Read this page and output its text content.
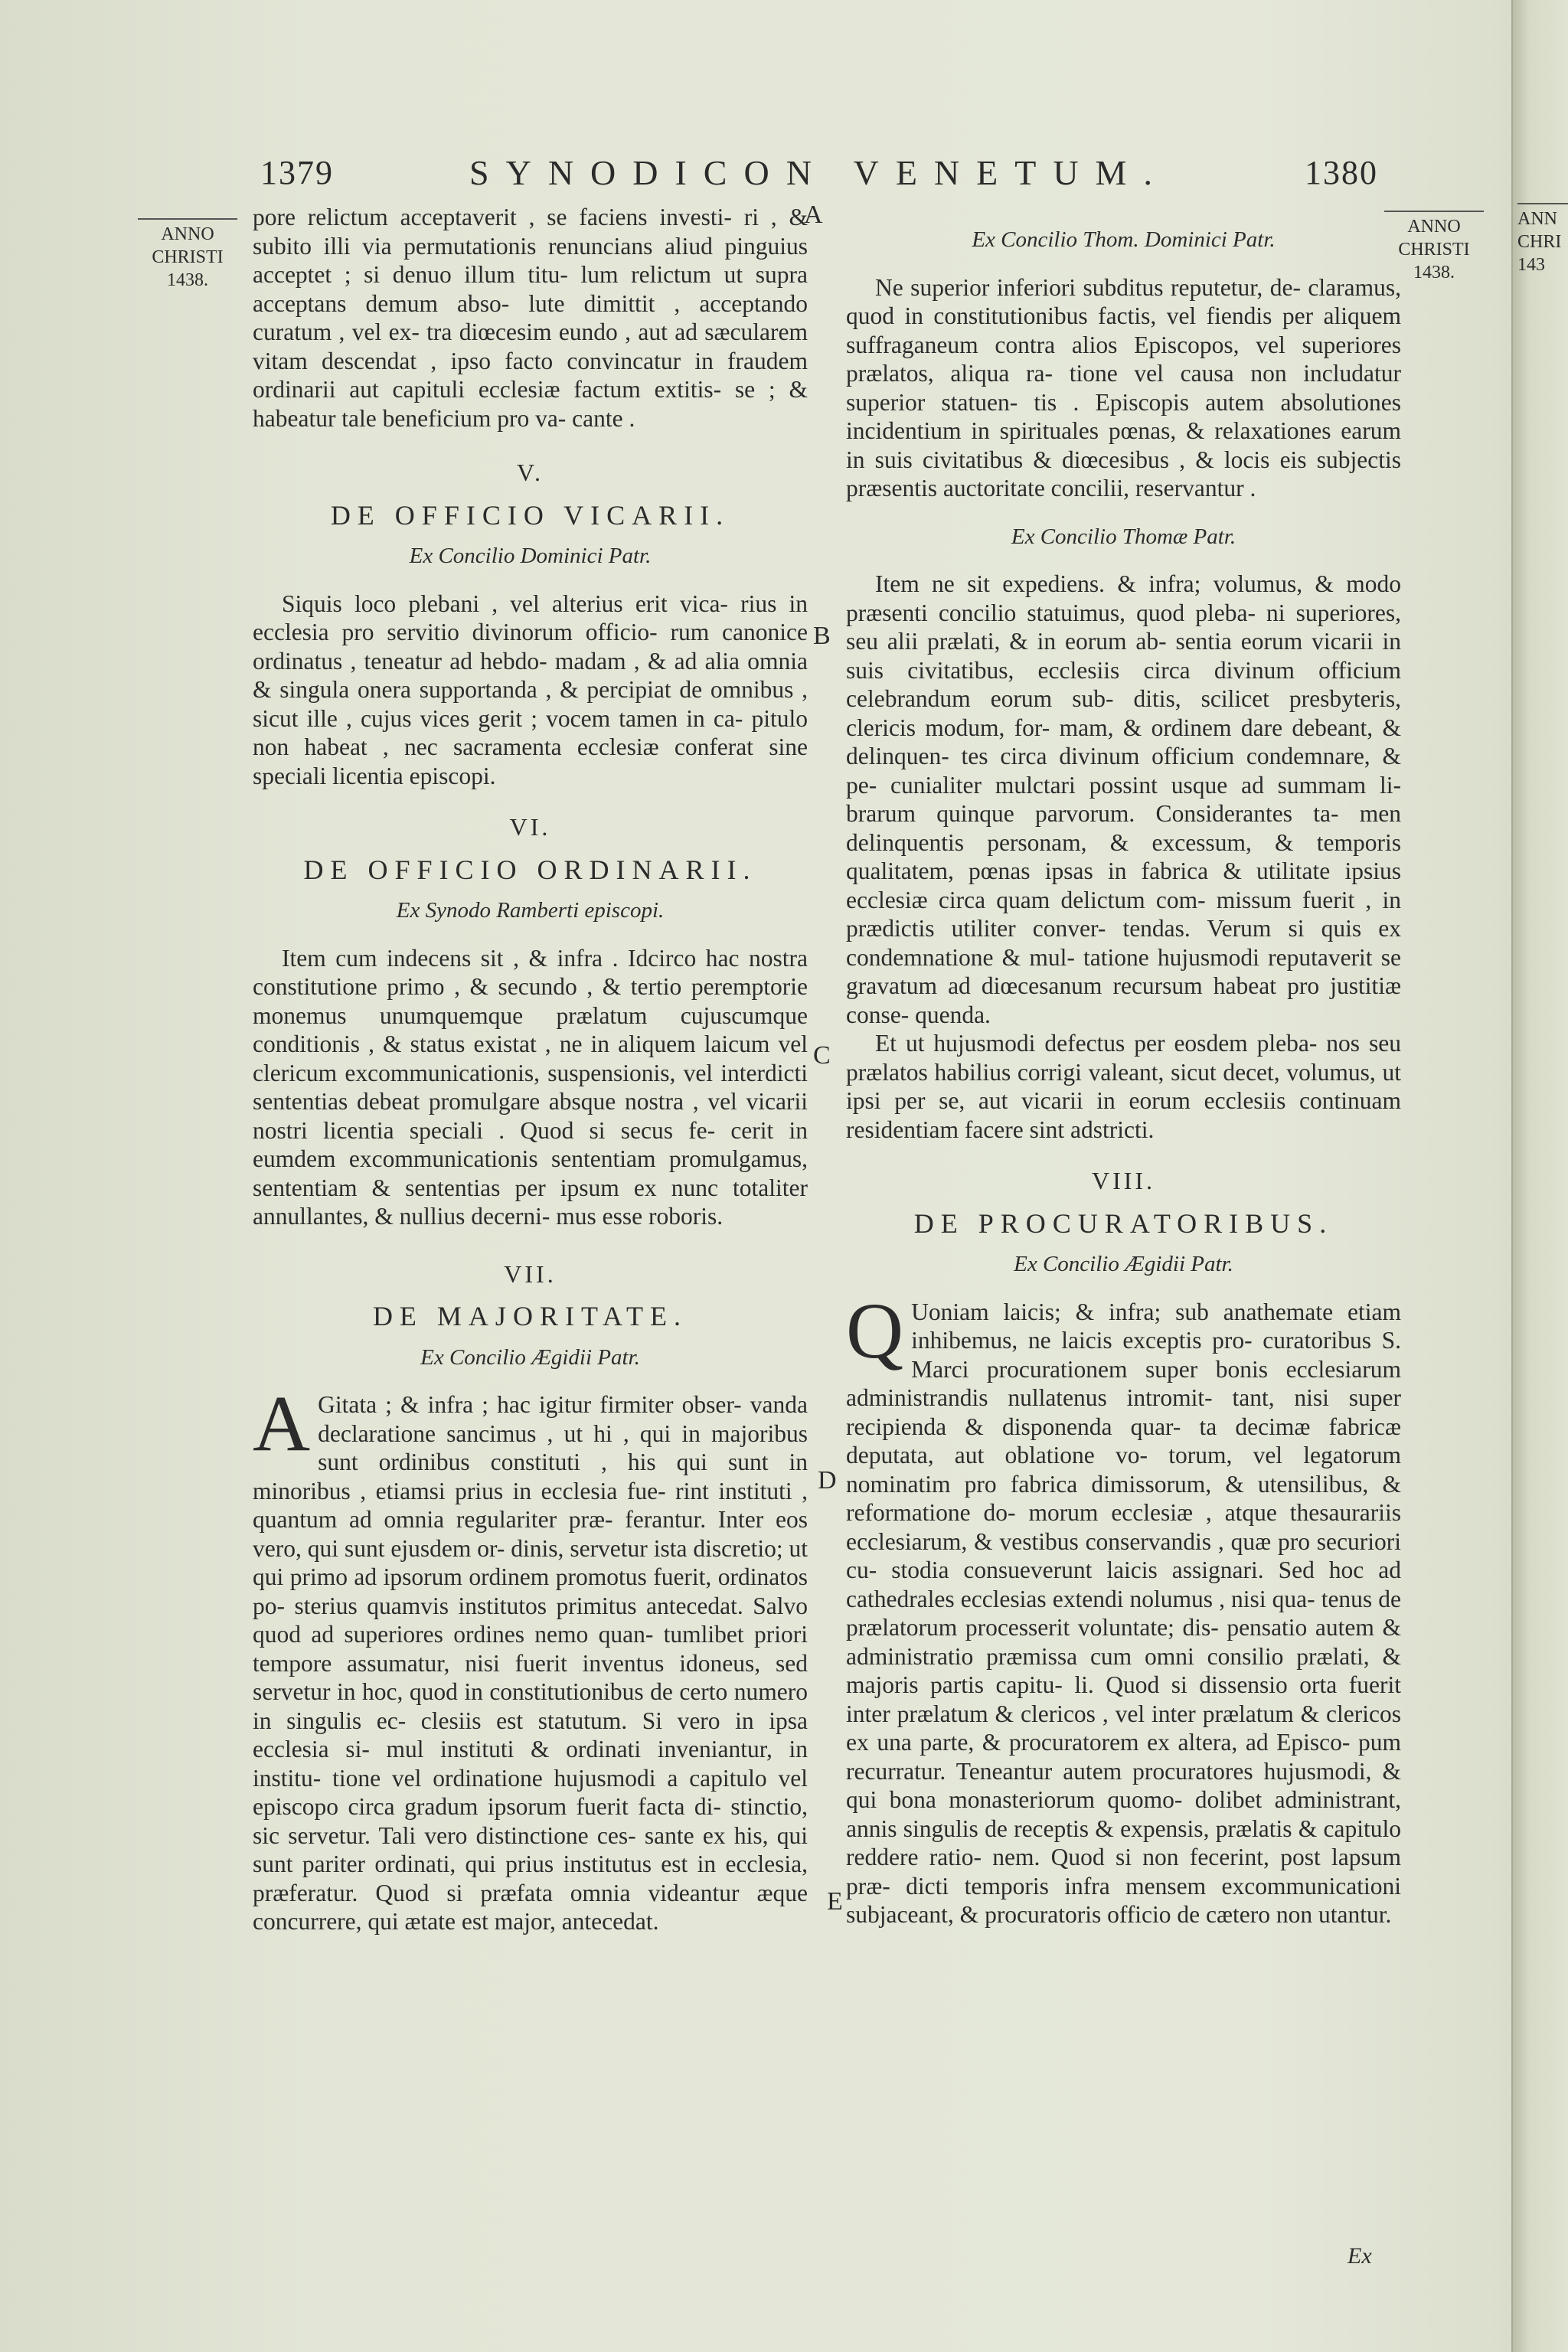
1379	SYNODICON VENETUM.	1380
ANNO
CHRISTI
1438.
ANNO
CHRISTI
1438.
ANN
CHRI
143
A
B
C
D
E

pore relictum acceptaverit , se faciens investi- ri , & subito illi via permutationis renuncians aliud pinguius acceptet ; si denuo illum titu- lum relictum ut supra acceptans demum abso- lute dimittit , acceptando curatum , vel ex- tra diœcesim eundo , aut ad sæcularem vitam descendat , ipso facto convincatur in fraudem ordinarii aut capituli ecclesiæ factum extitis- se ; & habeatur tale beneficium pro va- cante .

V.
DE OFFICIO VICARII.
Ex Concilio Dominici Patr.

Siquis loco plebani , vel alterius erit vica- rius in ecclesia pro servitio divinorum officio- rum canonice ordinatus , teneatur ad hebdo- madam , & ad alia omnia & singula onera supportanda , & percipiat de omnibus , sicut ille , cujus vices gerit ; vocem tamen in ca- pitulo non habeat , nec sacramenta ecclesiæ conferat sine speciali licentia episcopi.

VI.
DE OFFICIO ORDINARII.
Ex Synodo Ramberti episcopi.

Item cum indecens sit , & infra . Idcirco hac nostra constitutione primo , & secundo , & tertio peremptorie monemus unumquemque prælatum cujuscumque conditionis , & status existat , ne in aliquem laicum vel clericum excommunicationis, suspensionis, vel interdicti sententias debeat promulgare absque nostra , vel vicarii nostri licentia speciali . Quod si secus fe- cerit in eumdem excommunicationis sententiam promulgamus, sententiam & sententias per ipsum ex nunc totaliter annullantes, & nullius decerni- mus esse roboris.

VII.
DE MAJORITATE.
Ex Concilio Ægidii Patr.

A Gitata ; & infra ; hac igitur firmiter obser- vanda declaratione sancimus , ut hi , qui in majoribus sunt ordinibus constituti , his qui sunt in minoribus , etiamsi prius in ecclesia fue- rint instituti , quantum ad omnia regulariter præ- ferantur. Inter eos vero, qui sunt ejusdem or- dinis, servetur ista discretio; ut qui primo ad ipsorum ordinem promotus fuerit, ordinatos po- sterius quamvis institutos primitus antecedat. Salvo quod ad superiores ordines nemo quan- tumlibet priori tempore assumatur, nisi fuerit inventus idoneus, sed servetur in hoc, quod in constitutionibus de certo numero in singulis ec- clesiis est statutum. Si vero in ipsa ecclesia si- mul instituti & ordinati inveniantur, in institu- tione vel ordinatione hujusmodi a capitulo vel episcopo circa gradum ipsorum fuerit facta di- stinctio, sic servetur. Tali vero distinctione ces- sante ex his, qui sunt pariter ordinati, qui prius institutus est in ecclesia, præferatur. Quod si præfata omnia videantur æque concurrere, qui ætate est major, antecedat.

Ex Concilio Thom. Dominici Patr.

Ne superior inferiori subditus reputetur, de- claramus, quod in constitutionibus factis, vel fiendis per aliquem suffraganeum contra alios Episcopos, vel superiores prælatos, aliqua ra- tione vel causa non includatur superior statuen- tis . Episcopis autem absolutiones incidentium in spirituales pœnas, & relaxationes earum in suis civitatibus & diœcesibus , & locis eis subjectis præsentis auctoritate concilii, reservantur .

Ex Concilio Thomæ Patr.

Item ne sit expediens. & infra; volumus, & modo præsenti concilio statuimus, quod pleba- ni superiores, seu alii prælati, & in eorum ab- sentia eorum vicarii in suis civitatibus, ecclesiis circa divinum officium celebrandum eorum sub- ditis, scilicet presbyteris, clericis modum, for- mam, & ordinem dare debeant, & delinquen- tes circa divinum officium condemnare, & pe- cunialiter mulctari possint usque ad summam li- brarum quinque parvorum. Considerantes ta- men delinquentis personam, & excessum, & temporis qualitatem, pœnas ipsas in fabrica & utilitate ipsius ecclesiæ circa quam delictum com- missum fuerit , in prædictis utiliter conver- tendas. Verum si quis ex condemnatione & mul- tatione hujusmodi reputaverit se gravatum ad diœcesanum recursum habeat pro justitiæ conse- quenda.

Et ut hujusmodi defectus per eosdem pleba- nos seu prælatos habilius corrigi valeant, sicut decet, volumus, ut ipsi per se, aut vicarii in eorum ecclesiis continuam residentiam facere sint adstricti.

VIII.
DE PROCURATORIBUS.
Ex Concilio Ægidii Patr.

Q Uoniam laicis; & infra; sub anathemate etiam inhibemus, ne laicis exceptis pro- curatoribus S. Marci procurationem super bonis ecclesiarum administrandis nullatenus intromit- tant, nisi super recipienda & disponenda quar- ta decimæ fabricæ deputata, aut oblatione vo- torum, vel legatorum nominatim pro fabrica dimissorum, & utensilibus, & reformatione do- morum ecclesiæ , atque thesaurariis ecclesiarum, & vestibus conservandis , quæ pro securiori cu- stodia consueverunt laicis assignari. Sed hoc ad cathedrales ecclesias extendi nolumus , nisi qua- tenus de prælatorum processerit voluntate; dis- pensatio autem & administratio præmissa cum omni consilio prælati, & majoris partis capitu- li. Quod si dissensio orta fuerit inter prælatum & clericos , vel inter prælatum & clericos ex una parte, & procuratorem ex altera, ad Episco- pum recurratur. Teneantur autem procuratores hujusmodi, & qui bona monasteriorum quomo- dolibet administrant, annis singulis de receptis & expensis, prælatis & capitulo reddere ratio- nem. Quod si non fecerint, post lapsum præ- dicti temporis infra mensem excommunicationi subjaceant, & procuratoris officio de cætero non utantur.

Ex
